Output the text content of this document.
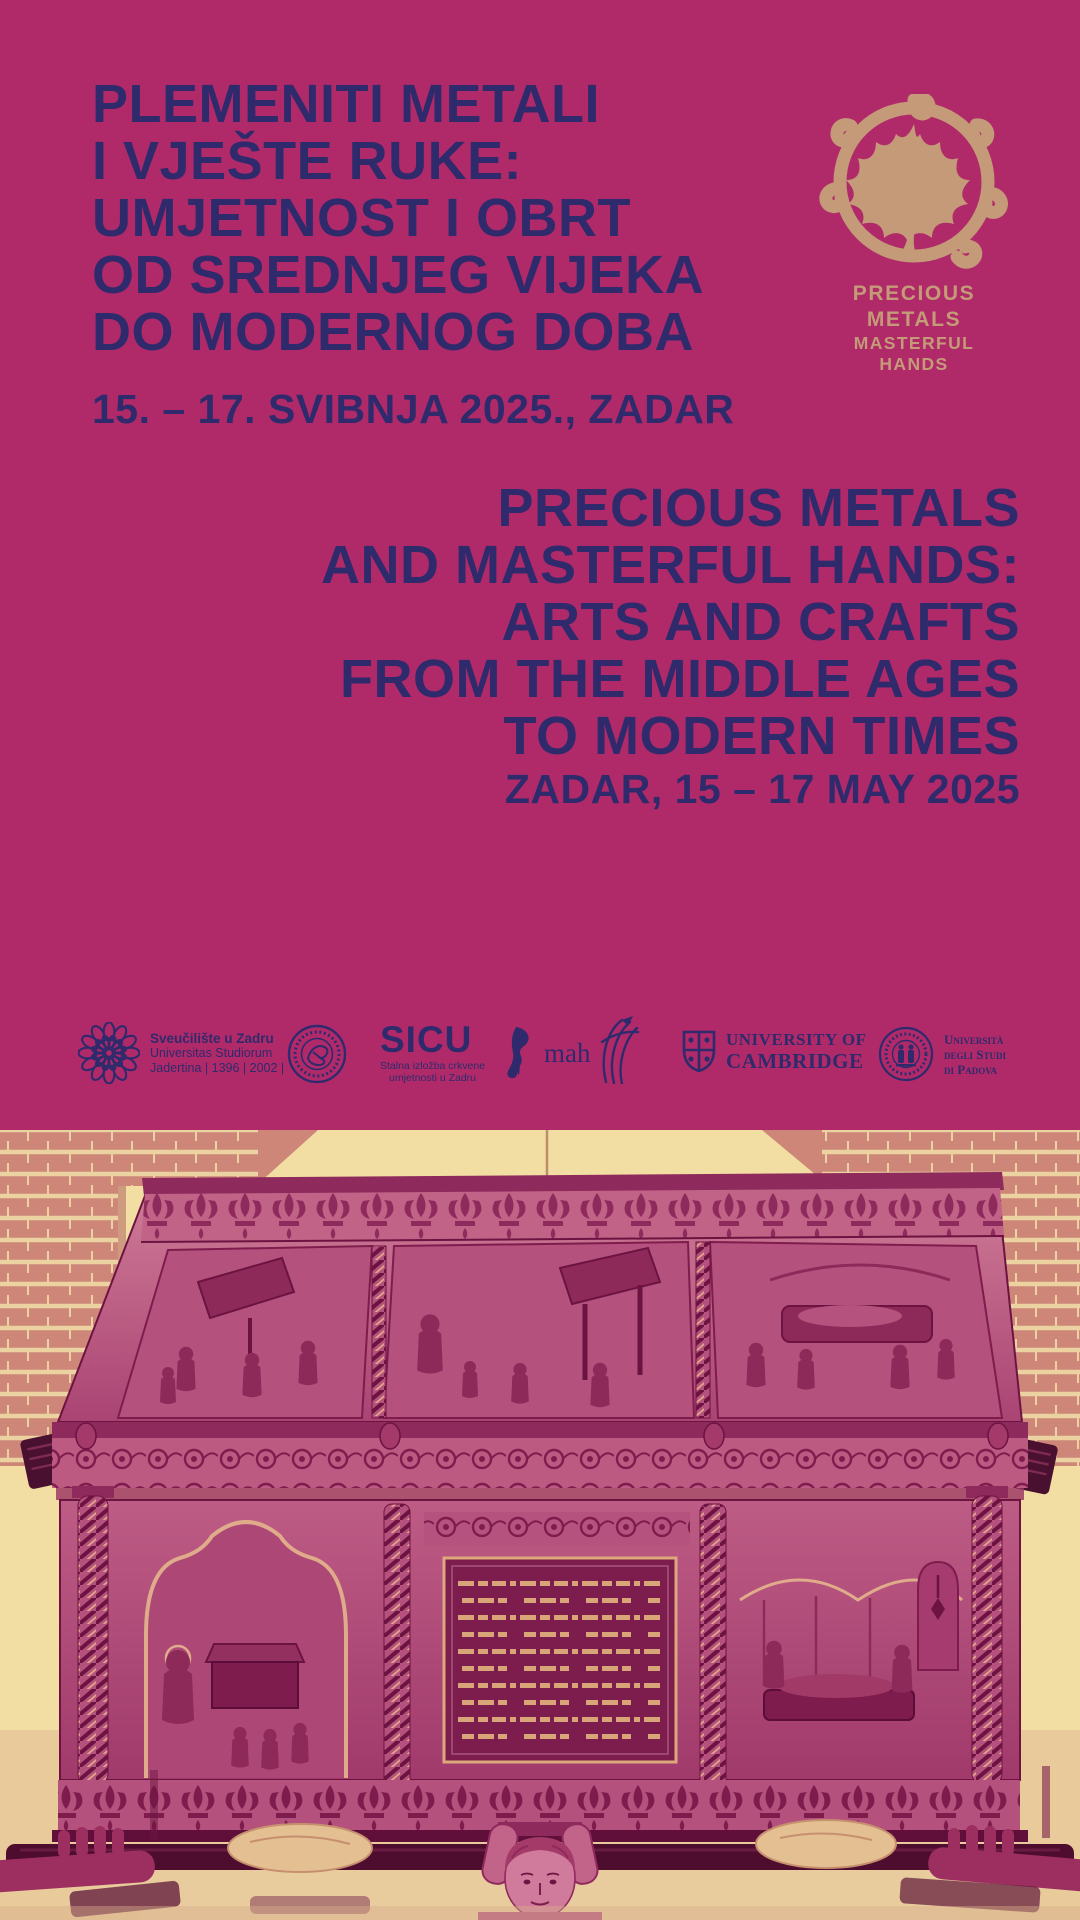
PLEMENITI METALI
I VJEŠTE RUKE:
UMJETNOST I OBRT
OD SREDNJEG VIJEKA
DO MODERNOG DOBA
15. – 17. SVIBNJA 2025., ZADAR
PRECIOUS METALS
MASTERFUL HANDS
PRECIOUS METALS
AND MASTERFUL HANDS:
ARTS AND CRAFTS
FROM THE MIDDLE AGES
TO MODERN TIMES
ZADAR, 15 – 17 MAY 2025
Sveučilište u Zadru
Universitas Studiorum
Jadertina | 1396 | 2002 |
SICU
Stalna izložba crkvene
umjetnosti u Zadru
mah	UNIVERSITY OF
CAMBRIDGE
Università
degli Studi
di Padova
